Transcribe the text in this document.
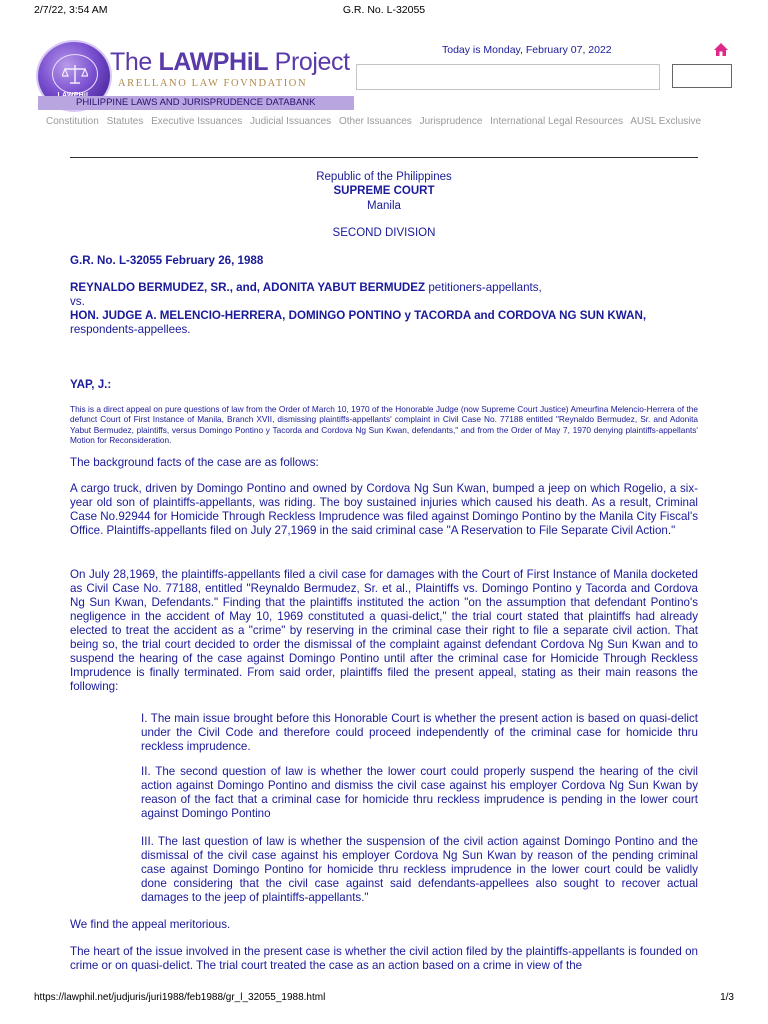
2/7/22, 3:54 AM	G.R. No. L-32055
The LAWPHiL Project
ARELLANO LAW FOVNDATION
PHILIPPINE LAWS AND JURISPRUDENCE DATABANK
Today is Monday, February 07, 2022
Constitution Statutes Executive Issuances Judicial Issuances Other Issuances Jurisprudence International Legal Resources AUSL Exclusive
Republic of the Philippines
SUPREME COURT
Manila
SECOND DIVISION
G.R. No. L-32055 February 26, 1988
REYNALDO BERMUDEZ, SR., and, ADONITA YABUT BERMUDEZ petitioners-appellants,
vs.
HON. JUDGE A. MELENCIO-HERRERA, DOMINGO PONTINO y TACORDA and CORDOVA NG SUN KWAN,
respondents-appellees.
YAP, J.:

This is a direct appeal on pure questions of law from the Order of March 10, 1970 of the Honorable Judge (now Supreme Court Justice) Ameurfina Melencio-Herrera of the defunct Court of First Instance of Manila, Branch XVII, dismissing plaintiffs-appellants' complaint in Civil Case No. 77188 entitled "Reynaldo Bermudez, Sr. and Adonita Yabut Bermudez, plaintiffs, versus Domingo Pontino y Tacorda and Cordova Ng Sun Kwan, defendants," and from the Order of May 7, 1970 denying plaintiffs-appellants' Motion for Reconsideration.

The background facts of the case are as follows:

A cargo truck, driven by Domingo Pontino and owned by Cordova Ng Sun Kwan, bumped a jeep on which Rogelio, a six-year old son of plaintiffs-appellants, was riding. The boy sustained injuries which caused his death. As a result, Criminal Case No.92944 for Homicide Through Reckless Imprudence was filed against Domingo Pontino by the Manila City Fiscal's Office. Plaintiffs-appellants filed on July 27,1969 in the said criminal case "A Reservation to File Separate Civil Action."

On July 28,1969, the plaintiffs-appellants filed a civil case for damages with the Court of First Instance of Manila docketed as Civil Case No. 77188, entitled "Reynaldo Bermudez, Sr. et al., Plaintiffs vs. Domingo Pontino y Tacorda and Cordova Ng Sun Kwan, Defendants." Finding that the plaintiffs instituted the action "on the assumption that defendant Pontino's negligence in the accident of May 10, 1969 constituted a quasi-delict," the trial court stated that plaintiffs had already elected to treat the accident as a "crime" by reserving in the criminal case their right to file a separate civil action. That being so, the trial court decided to order the dismissal of the complaint against defendant Cordova Ng Sun Kwan and to suspend the hearing of the case against Domingo Pontino until after the criminal case for Homicide Through Reckless Imprudence is finally terminated. From said order, plaintiffs filed the present appeal, stating as their main reasons the following:

I. The main issue brought before this Honorable Court is whether the present action is based on quasi-delict under the Civil Code and therefore could proceed independently of the criminal case for homicide thru reckless imprudence.
II. The second question of law is whether the lower court could properly suspend the hearing of the civil action against Domingo Pontino and dismiss the civil case against his employer Cordova Ng Sun Kwan by reason of the fact that a criminal case for homicide thru reckless imprudence is pending in the lower court against Domingo Pontino
III. The last question of law is whether the suspension of the civil action against Domingo Pontino and the dismissal of the civil case against his employer Cordova Ng Sun Kwan by reason of the pending criminal case against Domingo Pontino for homicide thru reckless imprudence in the lower court could be validly done considering that the civil case against said defendants-appellees also sought to recover actual damages to the jeep of plaintiffs-appellants."

We find the appeal meritorious.

The heart of the issue involved in the present case is whether the civil action filed by the plaintiffs-appellants is founded on crime or on quasi-delict. The trial court treated the case as an action based on a crime in view of the

https://lawphil.net/judjuris/juri1988/feb1988/gr_l_32055_1988.html	1/3
